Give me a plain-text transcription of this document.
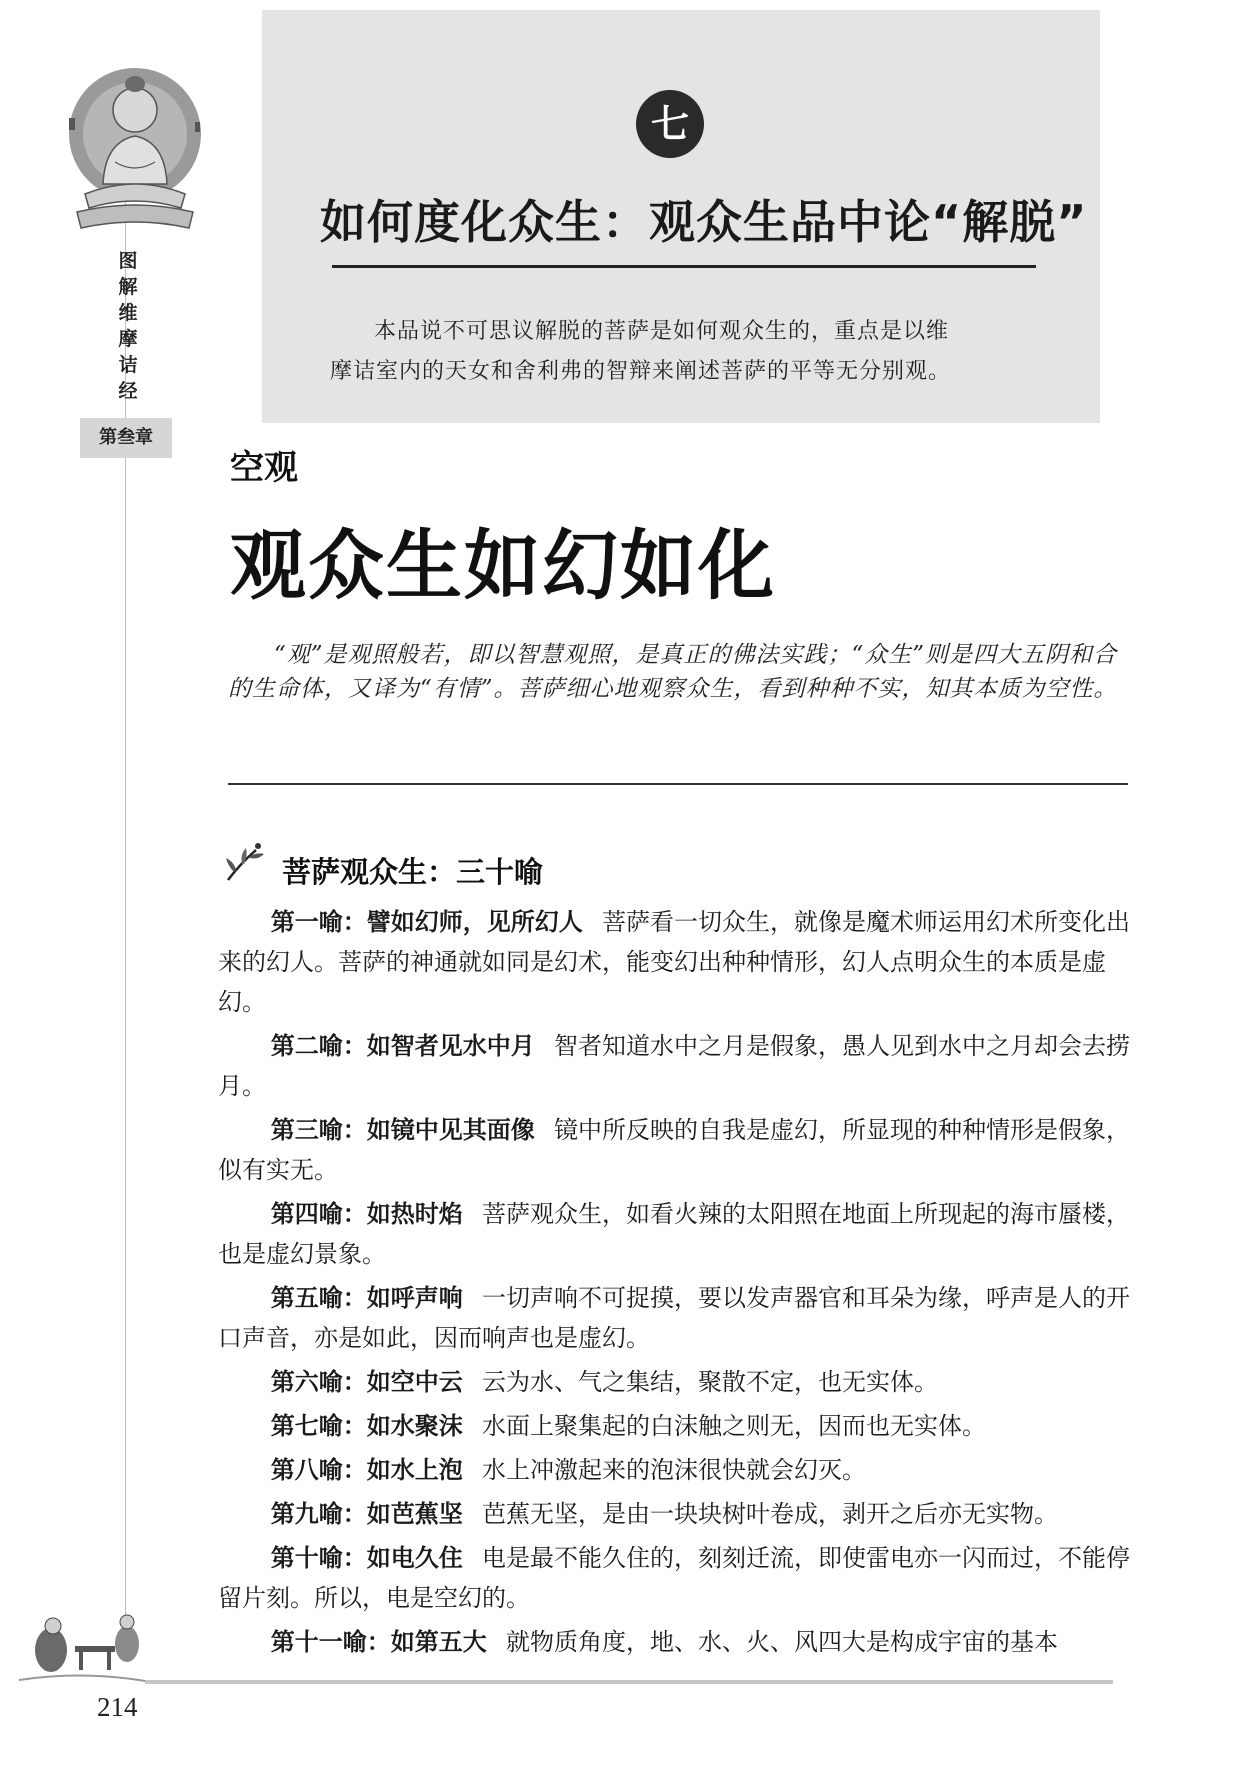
图
解
维
摩
诘
经
第叁章
七
如何度化众生：观众生品中论“解脱”

本品说不可思议解脱的菩萨是如何观众生的，重点是以维

摩诘室内的天女和舍利弗的智辩来阐述菩萨的平等无分别观。

空观
观众生如幻如化

“观”是观照般若，即以智慧观照，是真正的佛法实践；“众生”则是四大五阴和合的生命体，又译为“有情”。菩萨细心地观察众生，看到种种不实，知其本质为空性。

菩萨观众生：三十喻

第一喻：譬如幻师，见所幻人 菩萨看一切众生，就像是魔术师运用幻术所变化出来的幻人。菩萨的神通就如同是幻术，能变幻出种种情形，幻人点明众生的本质是虚幻。

第二喻：如智者见水中月 智者知道水中之月是假象，愚人见到水中之月却会去捞月。

第三喻：如镜中见其面像 镜中所反映的自我是虚幻，所显现的种种情形是假象，似有实无。

第四喻：如热时焰 菩萨观众生，如看火辣的太阳照在地面上所现起的海市蜃楼，也是虚幻景象。

第五喻：如呼声响 一切声响不可捉摸，要以发声器官和耳朵为缘，呼声是人的开口声音，亦是如此，因而响声也是虚幻。

第六喻：如空中云 云为水、气之集结，聚散不定，也无实体。

第七喻：如水聚沫 水面上聚集起的白沫触之则无，因而也无实体。

第八喻：如水上泡 水上冲激起来的泡沫很快就会幻灭。

第九喻：如芭蕉坚 芭蕉无坚，是由一块块树叶卷成，剥开之后亦无实物。

第十喻：如电久住 电是最不能久住的，刻刻迁流，即使雷电亦一闪而过，不能停留片刻。所以，电是空幻的。

第十一喻：如第五大 就物质角度，地、水、火、风四大是构成宇宙的基本

214
